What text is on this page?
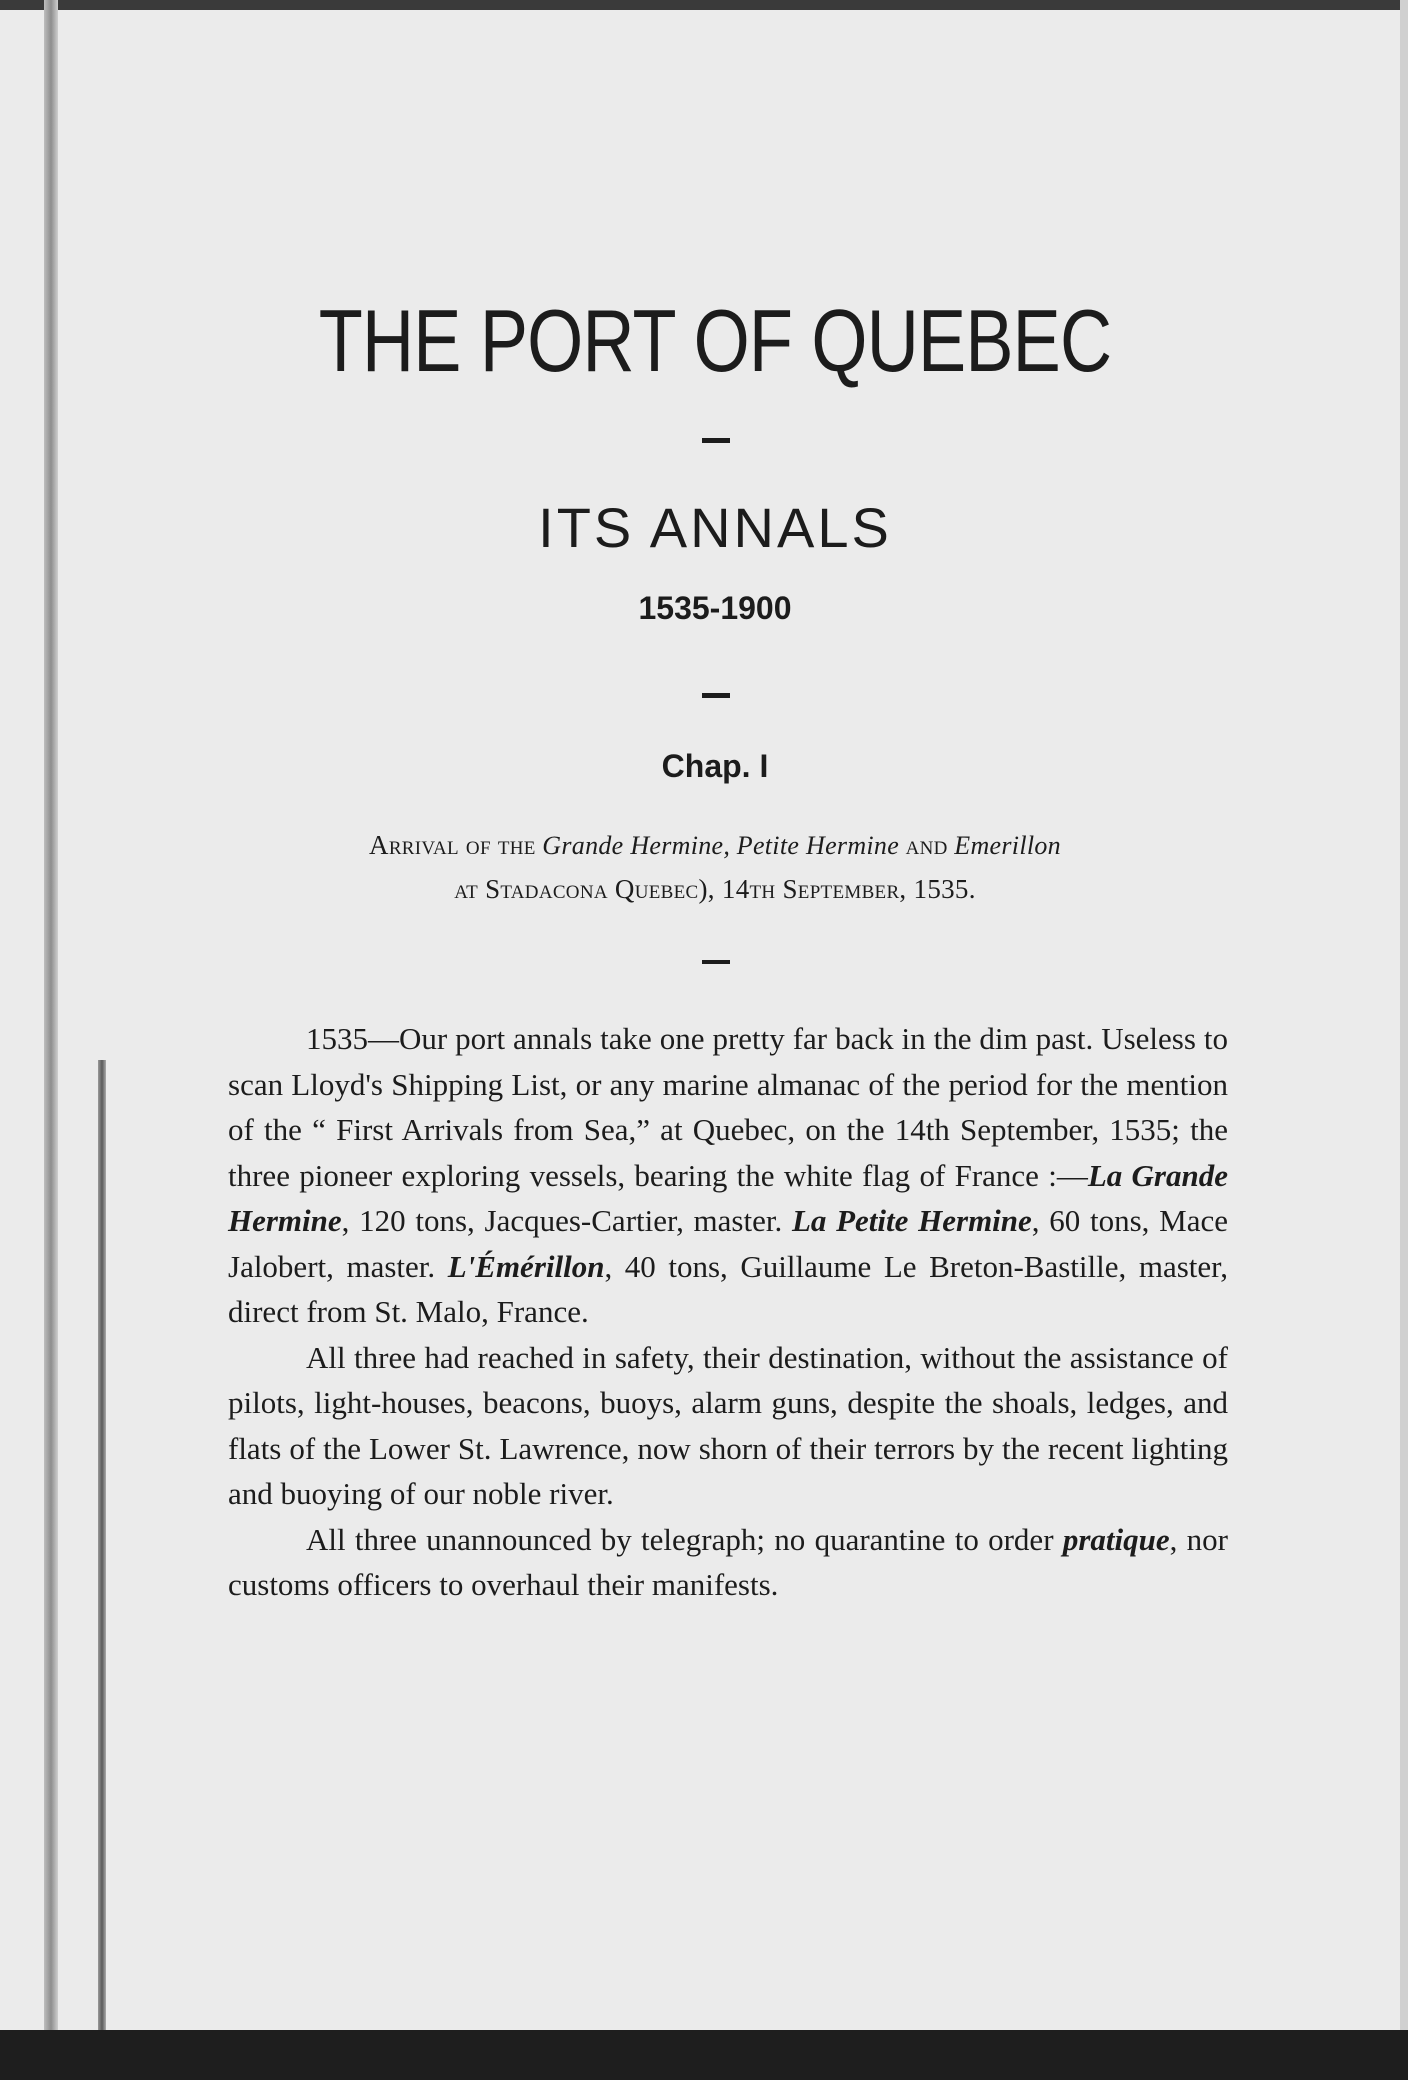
THE PORT OF QUEBEC
ITS ANNALS
1535-1900
Chap. I
Arrival of the Grande Hermine, Petite Hermine and Emerillon
at Stadacona Quebec), 14th September, 1535.

1535—Our port annals take one pretty far back in the dim past. Useless to scan Lloyd's Shipping List, or any marine almanac of the period for the mention of the “ First Arrivals from Sea,” at Quebec, on the 14th September, 1535; the three pioneer exploring vessels, bearing the white flag of France :—La Grande Hermine, 120 tons, Jacques-Cartier, master. La Petite Hermine, 60 tons, Mace Jalobert, master. L'Émérillon, 40 tons, Guillaume Le Breton-Bastille, master, direct from St. Malo, France.

All three had reached in safety, their destination, without the assistance of pilots, light-houses, beacons, buoys, alarm guns, despite the shoals, ledges, and flats of the Lower St. Lawrence, now shorn of their terrors by the recent lighting and buoying of our noble river.

All three unannounced by telegraph; no quarantine to order pratique, nor customs officers to overhaul their manifests.
